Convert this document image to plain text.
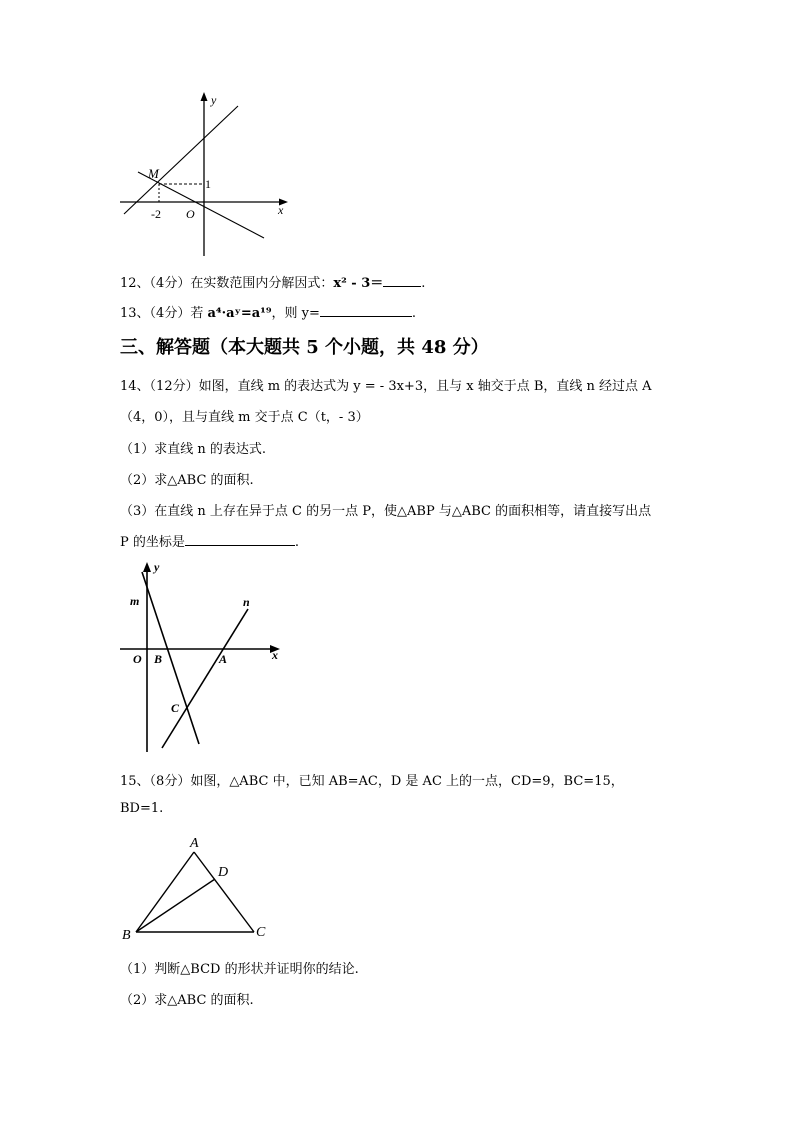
y
x
M
1
-2 O
12、（4分）在实数范围内分解因式：x² - 3＝	.
13、（4分）若 a⁴·aʸ=a¹⁹，则 y=	.
三、解答题（本大题共 5 个小题，共 48 分）
14、（12分）如图，直线 m 的表达式为 y = - 3x+3，且与 x 轴交于点 B，直线 n 经过点 A
（4，0），且与直线 m 交于点 C（t，- 3）
（1）求直线 n 的表达式.
（2）求△ABC 的面积.
（3）在直线 n 上存在异于点 C 的另一点 P，使△ABP 与△ABC 的面积相等，请直接写出点
P 的坐标是	.
y
m	n
x
O B	A
C
15、（8分）如图，△ABC 中，已知 AB=AC，D 是 AC 上的一点，CD=9，BC=15，
BD=1.
A
D
B	C
（1）判断△BCD 的形状并证明你的结论.
（2）求△ABC 的面积.
